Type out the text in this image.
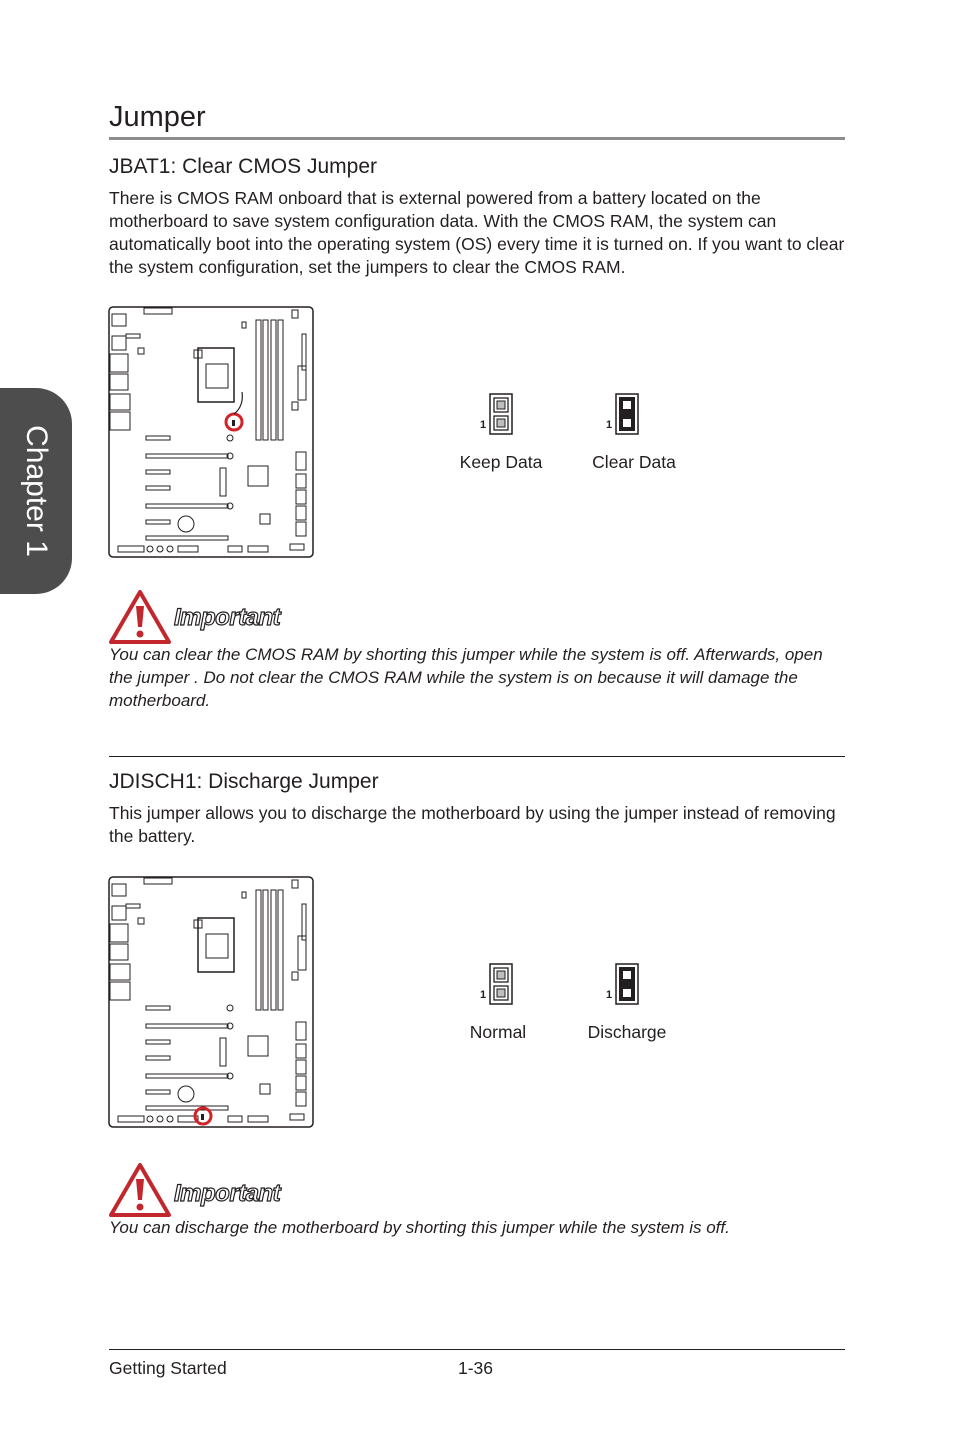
Chapter 1
Jumper
JBAT1: Clear CMOS Jumper
There is CMOS RAM onboard that is external powered from a battery located on the motherboard to save system configuration data. With the CMOS RAM, the system can automatically boot into the operating system (OS) every time it is turned on. If you want to clear the system configuration, set the jumpers to clear the CMOS RAM.
1	1
Keep Data	Clear Data
Important
You can clear the CMOS RAM by shorting this jumper while the system is off. Afterwards, open the jumper . Do not clear the CMOS RAM while the system is on because it will damage the motherboard.
JDISCH1: Discharge Jumper
This jumper allows you to discharge the motherboard by using the jumper instead of removing the battery.
1	1
Normal	Discharge
Important
You can discharge the motherboard by shorting this jumper while the system is off.
Getting Started	1-36
